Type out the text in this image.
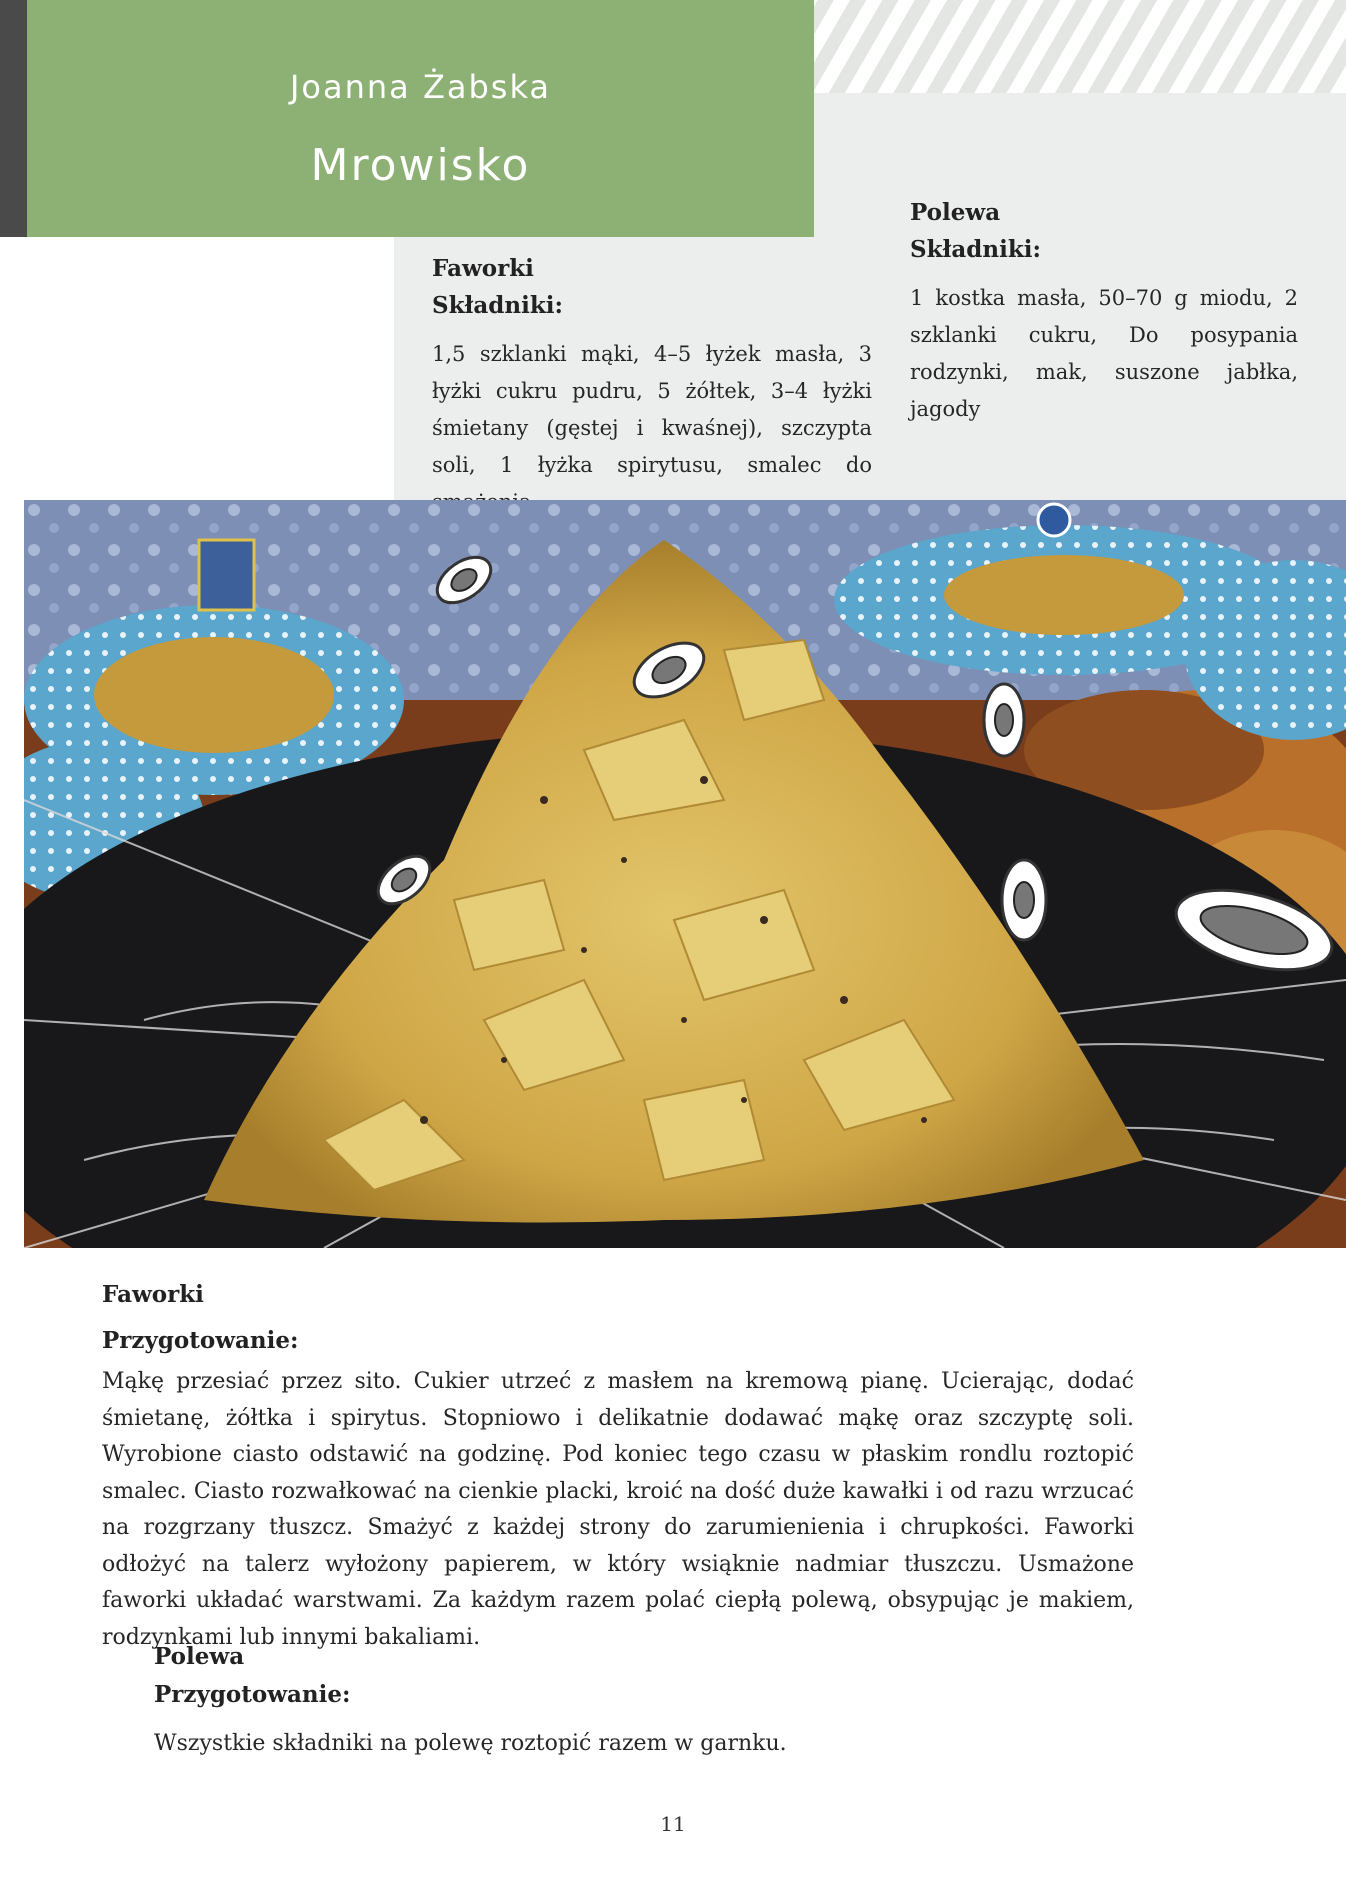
Joanna Żabska
Mrowisko

Faworki

Składniki:

1,5 szklanki mąki, 4–5 łyżek masła, 3 łyżki cukru pudru, 5 żółtek, 3–4 łyżki śmietany (gęstej i kwaśnej), szczypta soli, 1 łyżka spirytusu, smalec do

Polewa

Składniki:

1 kostka masła, 50–70 g miodu, 2 szklanki cukru, Do posypania rodzynki, mak, suszone jabłka, jagody

Faworki

Przygotowanie:

Mąkę przesiać przez sito. Cukier utrzeć z masłem na kremową pianę. Ucierając, dodać śmietanę, żółtka i spirytus. Stopniowo i delikatnie dodawać mąkę oraz szczyptę soli. Wyrobione ciasto odstawić na godzinę. Pod koniec tego czasu w płaskim rondlu roztopić smalec. Ciasto rozwałkować na cienkie placki, kroić na dość duże kawałki i od razu wrzucać na rozgrzany tłuszcz. Smażyć z każdej strony do zarumienienia i chrupkości. Faworki odłożyć na talerz wyłożony papierem, w który wsiąknie nadmiar tłuszczu. Usmażone faworki układać warstwami. Za każdym razem polać ciepłą polewą, obsypując je makiem, rodzynkami lub innymi bakaliami.

Polewa

Przygotowanie:

Wszystkie składniki na polewę roztopić razem w garnku.

11
